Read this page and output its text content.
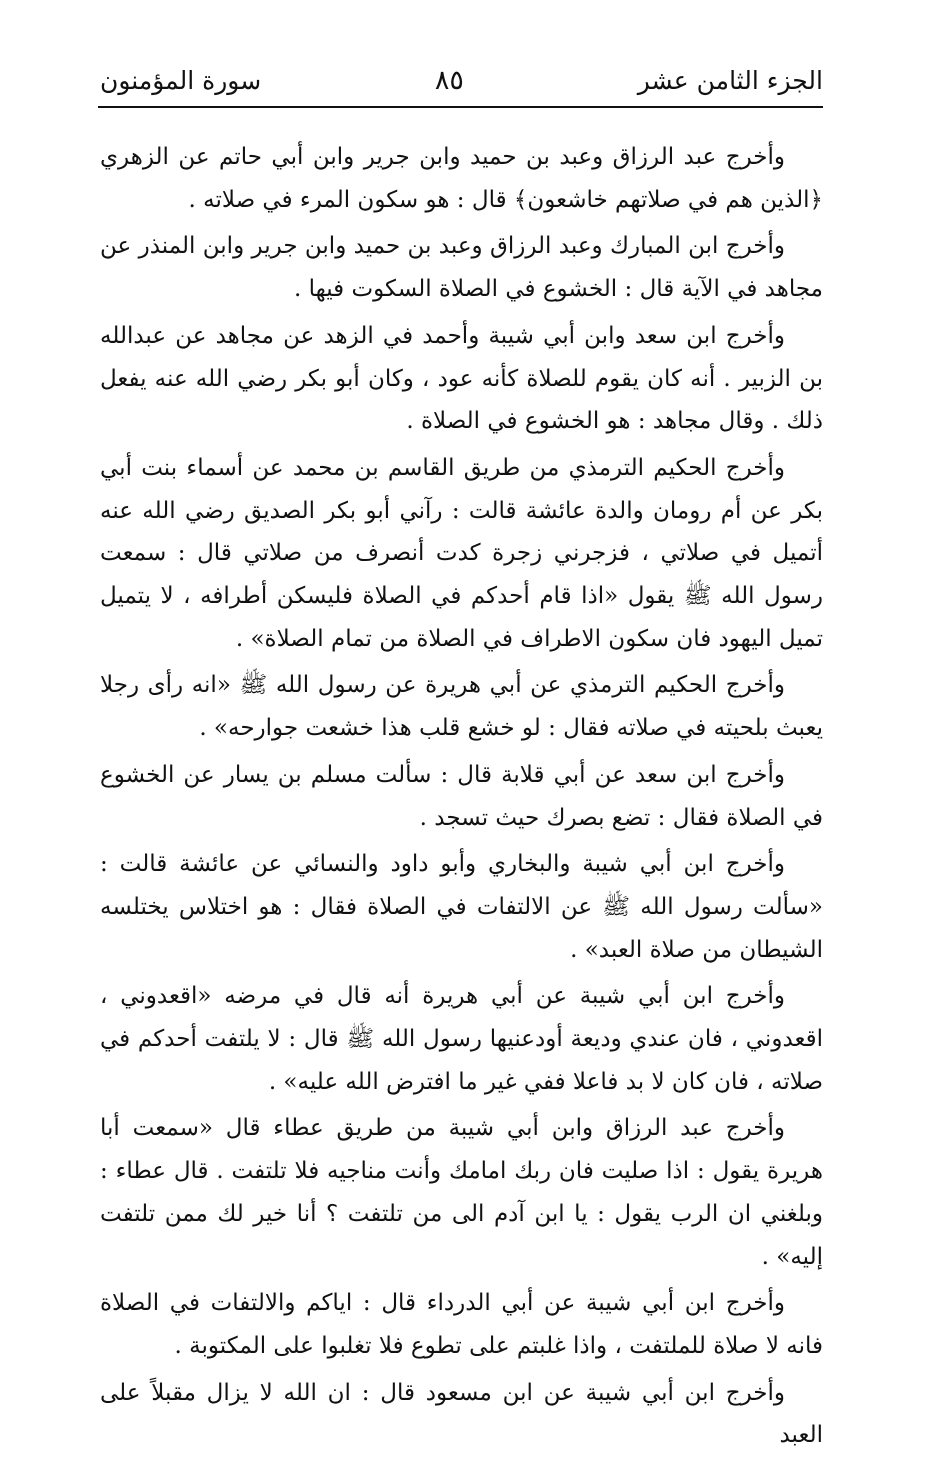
الجزء الثامن عشر
٨٥
سورة المؤمنون

وأخرج عبد الرزاق وعبد بن حميد وابن جرير وابن أبي حاتم عن الزهري ﴿الذين هم في صلاتهم خاشعون﴾ قال : هو سكون المرء في صلاته .

وأخرج ابن المبارك وعبد الرزاق وعبد بن حميد وابن جرير وابن المنذر عن مجاهد في الآية قال : الخشوع في الصلاة السكوت فيها .

وأخرج ابن سعد وابن أبي شيبة وأحمد في الزهد عن مجاهد عن عبدالله بن الزبير . أنه كان يقوم للصلاة كأنه عود ، وكان أبو بكر رضي الله عنه يفعل ذلك . وقال مجاهد : هو الخشوع في الصلاة .

وأخرج الحكيم الترمذي من طريق القاسم بن محمد عن أسماء بنت أبي بكر عن أم رومان والدة عائشة قالت : رآني أبو بكر الصديق رضي الله عنه أتميل في صلاتي ، فزجرني زجرة كدت أنصرف من صلاتي قال : سمعت رسول الله ﷺ يقول «اذا قام أحدكم في الصلاة فليسكن أطرافه ، لا يتميل تميل اليهود فان سكون الاطراف في الصلاة من تمام الصلاة» .

وأخرج الحكيم الترمذي عن أبي هريرة عن رسول الله ﷺ «انه رأى رجلا يعبث بلحيته في صلاته فقال : لو خشع قلب هذا خشعت جوارحه» .

وأخرج ابن سعد عن أبي قلابة قال : سألت مسلم بن يسار عن الخشوع في الصلاة فقال : تضع بصرك حيث تسجد .

وأخرج ابن أبي شيبة والبخاري وأبو داود والنسائي عن عائشة قالت : «سألت رسول الله ﷺ عن الالتفات في الصلاة فقال : هو اختلاس يختلسه الشيطان من صلاة العبد» .

وأخرج ابن أبي شيبة عن أبي هريرة أنه قال في مرضه «اقعدوني ، اقعدوني ، فان عندي وديعة أودعنيها رسول الله ﷺ قال : لا يلتفت أحدكم في صلاته ، فان كان لا بد فاعلا ففي غير ما افترض الله عليه» .

وأخرج عبد الرزاق وابن أبي شيبة من طريق عطاء قال «سمعت أبا هريرة يقول : اذا صليت فان ربك امامك وأنت مناجيه فلا تلتفت . قال عطاء : وبلغني ان الرب يقول : يا ابن آدم الى من تلتفت ؟ أنا خير لك ممن تلتفت إليه» .

وأخرج ابن أبي شيبة عن أبي الدرداء قال : اياكم والالتفات في الصلاة فانه لا صلاة للملتفت ، واذا غلبتم على تطوع فلا تغلبوا على المكتوبة .

وأخرج ابن أبي شيبة عن ابن مسعود قال : ان الله لا يزال مقبلاً على العبد
